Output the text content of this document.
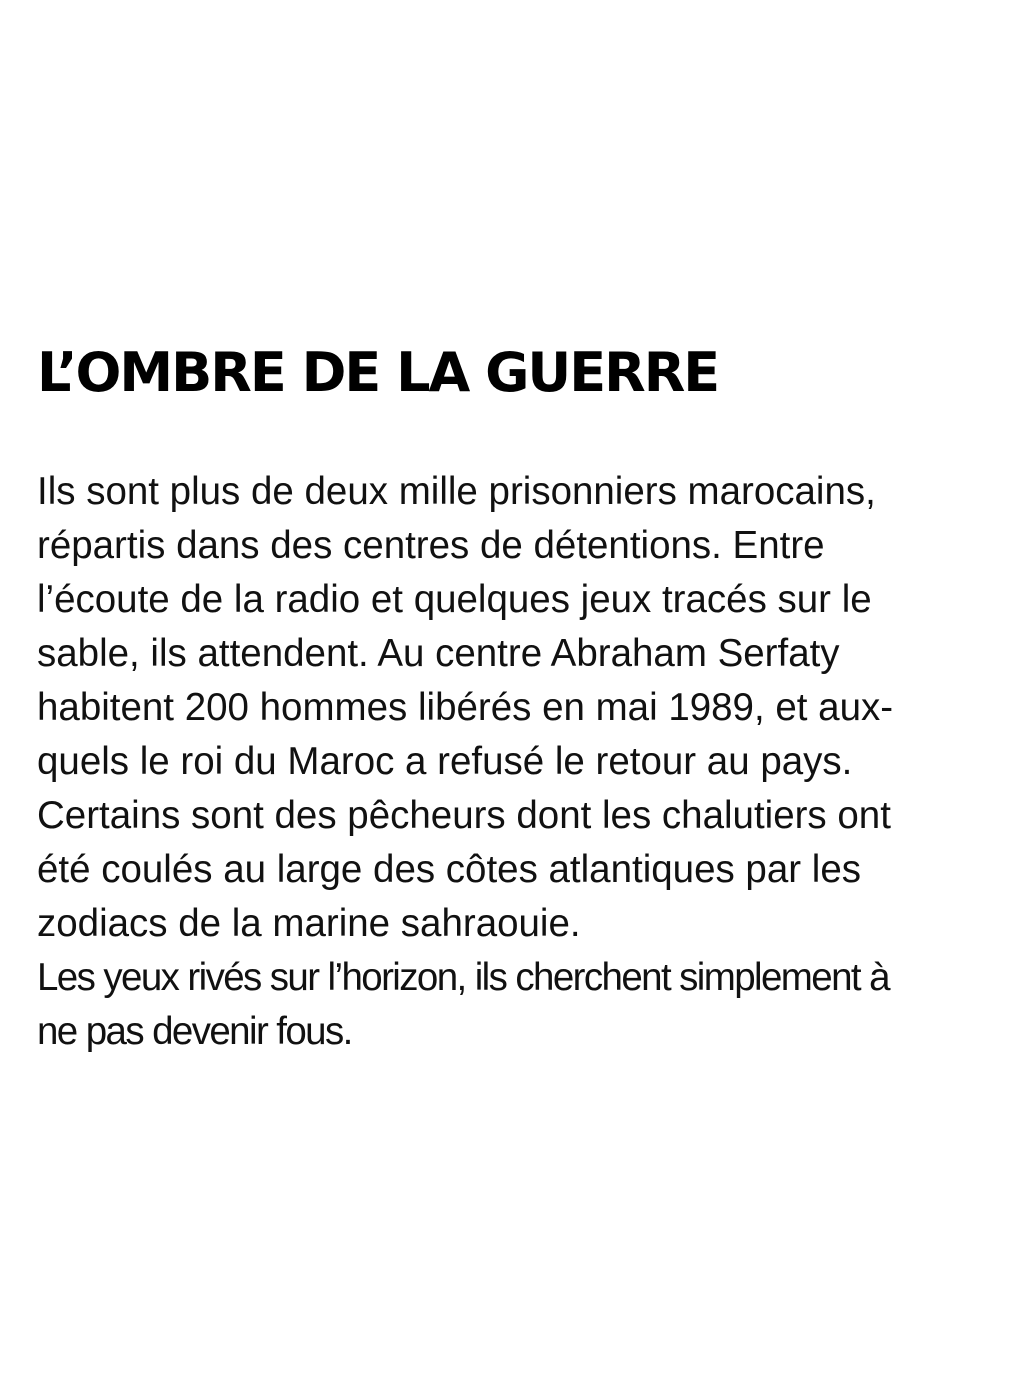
L’OMBRE DE LA GUERRE

Ils sont plus de deux mille prisonniers marocains,
répartis dans des centres de détentions. Entre
l’écoute de la radio et quelques jeux tracés sur le
sable, ils attendent. Au centre Abraham Serfaty
habitent 200 hommes libérés en mai 1989, et aux-
quels le roi du Maroc a refusé le retour au pays.
Certains sont des pêcheurs dont les chalutiers ont
été coulés au large des côtes atlantiques par les
zodiacs de la marine sahraouie.

Les yeux rivés sur l’horizon, ils cherchent simplement à
ne pas devenir fous.
